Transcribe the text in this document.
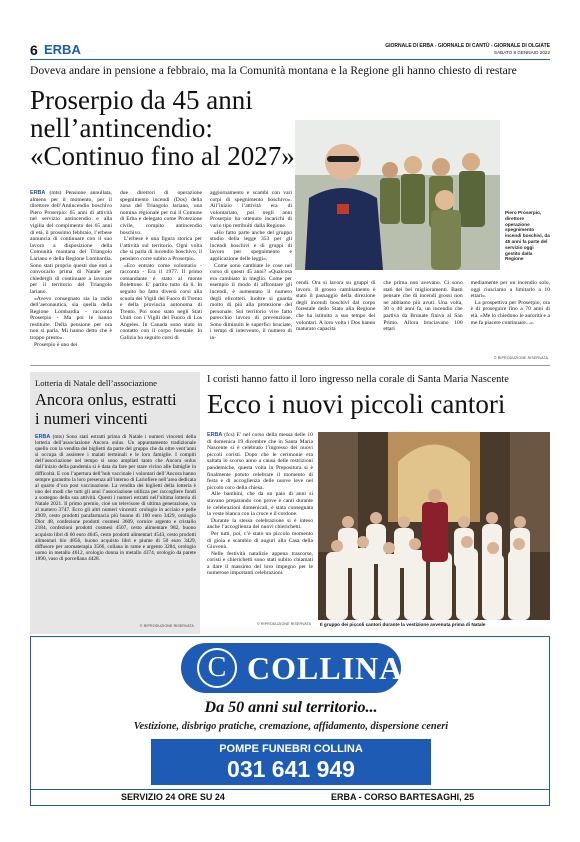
6 ERBA	GIORNALE DI ERBA - GIORNALE DI CANTÙ - GIORNALE DI OLGIATE
SABATO 8 GENNAIO 2022
Doveva andare in pensione a febbraio, ma la Comunità montana e la Regione gli hanno chiesto di restare
Proserpio da 45 anni
nell’antincendio:
«Continuo fino al 2027»
Piero Proserpio, direttore operazione spegnimento incendi boschivi, da 45 anni fa parte del servizio oggi gestito dalla Regione

ERBA (mts) Pensione annullata, almeno per il momento, per il direttore dell’Antincendio boschivo Piero Proserpio: 65 anni di attività nel servizio antincendio e alla vigilia del compimento dei 65 anni di età, il prossimo febbraio, l’erbese annuncia di continuare con il suo lavoro a disposizione della Comunità montana del Triangolo Lariano e della Regione Lombardia. Sono stati proprio questi due enti a convocarlo prima di Natale per chiedergli di continuare a lavorare per il territorio del Triangolo lariano.

«Avevo consegnato sia la radio dell’aeronautica, sia quella della Regione Lombardia - racconta Proserpio - Ma poi le hanno restituite. Della pensione per ora non si parla. Mi hanno detto che è troppo presto».

Proserpio è uno dei

due direttori di operazione spegnimento incendi (Dos) della zona del Triangolo lariano, una nomina regionale per cui il Comune di Erba e delegato come Protezione civile, compito antincendio boschivo.

L’erbese è una figura storica per l’attività sul territorio. Ogni volta che si parla di incendio boschivo, il pensiero corre subito a Proserpio.

«Ero entrato come volontario - racconta - Era il 1977. Il primo comandante è stato al monte Bolettone. E’ partito tutto da lì. In seguito ho fatto diversi corsi alla scuola dei Vigili del Fuoco di Trento e della provincia autonoma di Trento. Poi sono stato negli Stati Uniti con i Vigili del Fuoco di Los Angeles. In Canada sono stato in contatto con il corpo forestale. In Galizia ho seguito corsi di

aggiornamento e scambi con vari corpi di spegnimento boschivo». All’inizio l’attività era di volontariato, poi negli anni Proserpio ha ottenuto incarichi di vario tipo retribuiti dalla Regione.

«Ho fatto parte anche del gruppo studio della legge 353 per gli incendi boschivi e di gruppi di lavoro per spegnimento e applicazione delle leggi».

Come sono cambiate le cose nel corso di questi 45 anni? «Qualcosa era cambiato in meglio. Come per esempio il modo di affrontare gli incendi, è aumentato il numero degli elicotteri. Inoltre si guarda molto di più alla protezione del personale. Sul territorio vive fatto parecchio lavoro di prevenzione. Sono diminuiti le superfici bruciate, i tempi di intervento, il numero di in-

cendi. Ora si lavora su gruppi di lavoro. Il grosso cambiamento è stato il passaggio della direzione degli incendi boschivi dal corpo forestale dello Stato alla Regione che ha istituito a suo tempo dei volontari. A loro volta i Dos hanno maturato capacità

che prima non avevano. Ci sono stati dei bei miglioramenti. Basti pensare che di incendi grossi non ne abbiamo più avuti. Una volta, 30 o 40 anni fa, un incendio che partiva da Brunate finiva al San Primo. Allora bruciavano 100 ettari

mediamente per un incendio solo, oggi riusciamo a limitarlo a 10 ettari».

La prospettiva per Proserpio, ora è di proseguire fino a 70 anni di età. «Me lo chiedono le autorità e a me fa piacere continuare...».

© RIPRODUZIONE RISERVATA
Lotteria di Natale dell’associazione
Ancora onlus, estratti
i numeri vincenti

ERBA (mts) Sono stati estratti prima di Natale i numeri vincenti della lotteria dell’associazione Ancora onlus. Un appuntamento tradizionale quello con la vendita dei biglietti da parte del gruppo che da oltre vent’anni si occupa di assistere i malati terminali e le loro famiglie. I compiti dell’associazione nel tempo si sono ampliati tanto che Ancora onlus dall’inizio della pandemia si è data da fare per stare vicino alle famiglie in difficoltà. E con l’apertura dell’hub vaccinale i volontari dell’Ancora hanno sempre garantito la loro presenza all’interno di Lariofiere nell’area dedicata al quarto d’ora post vaccinazione. La vendita dei biglietti della lotteria è uno dei modi che tutti gli anni l’associazione utilizza per raccogliere fondi a sostegno della sua attività. Questi i numeri estratti nell’ultima lotteria di Natale 2021. Il primo premio, cioè un televisore di ultima generazione, va al numero 3747. Ecco gli altri numeri vincenti: orologio in acciaio e pelle 2909, cesto prodotti parafarmacia più buono di 100 euro 3429, orologio Dior 48, confezione prodotti cosmesi 3609, cornice argento e cristallo 2184, confezioni prodotti cosmesi 4507, cesto alimentare 982, buono acquisto libri di 60 euro 4645, cesto prodotti alimentari 4543, cesto prodotti alimentari bio 4856, buono acquisto libri e piume di 50 euro 3429, diffusore per aromaterapia 3566, collana in rame e argento 3284, orologio uomo in metallo 4612, orologio donna in metallo 4374, orologio da parete 1890, vaso di porcellana 4428.

© RIPRODUZIONE RISERVATA
I coristi hanno fatto il loro ingresso nella corale di Santa Maria Nascente
Ecco i nuovi piccoli cantori

ERBA (fcs) E’ nel corso della messa delle 10 di domenica 19 dicembre che in Santa Maria Nascente si è celebrato l’ingresso dei nuovi piccoli coristi. Dopo che le cerimonie era saltata lo scorso anno a causa delle restrizioni pandemiche, questa volta in Prepositura si è finalmente potuto celebrare il momento di festa e di accoglienza delle nuove leve nel piccolo coro della chiesa.

Alle bambini, che da un paio di anni si stavano preparando con prove e canti durante le celebrazioni domenicali, è stata consegnata la veste bianca con la croce e il cordone.

Durante la stessa celebrazione si è inteso anche l’accoglienza dei nuovi chierichetti.

Per tutti, poi, c’è stato un piccolo momento di gioia e scambio di auguri alla Casa della Giovenù.

Nelle festività natalizie appena trascorse, coristi e chierichetti sono stati subito chiamati a dare il massimo del loro impegno per le numerose importanti celebrazioni.

© RIPRODUZIONE RISERVATA Il gruppo dei piccoli cantori durante la vestizione avvenuta prima di Natale
C COLLINA
Da 50 anni sul territorio...
Vestizione, disbrigo pratiche, cremazione, affidamento, dispersione ceneri
POMPE FUNEBRI COLLINA
031 641 949
SERVIZIO 24 ORE SU 24	ERBA - CORSO BARTESAGHI, 25
